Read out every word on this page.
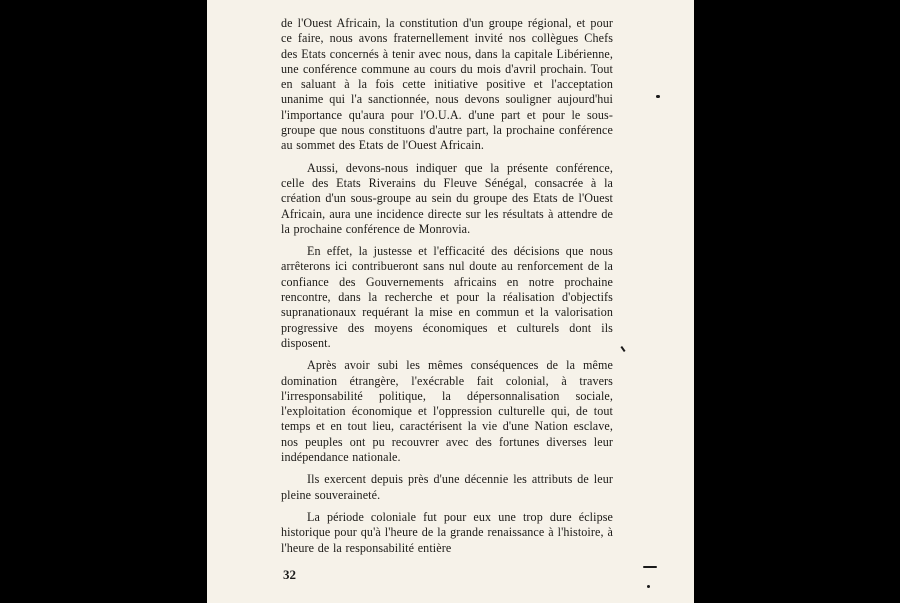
de l'Ouest Africain, la constitution d'un groupe régional, et pour ce faire, nous avons fraternellement invité nos collègues Chefs des Etats concernés à tenir avec nous, dans la capitale Libérienne, une conférence commune au cours du mois d'avril prochain. Tout en saluant à la fois cette initiative positive et l'acceptation unanime qui l'a sanctionnée, nous devons souligner aujourd'hui l'importance qu'aura pour l'O.U.A. d'une part et pour le sous-groupe que nous constituons d'autre part, la prochaine conférence au sommet des Etats de l'Ouest Africain.

Aussi, devons-nous indiquer que la présente conférence, celle des Etats Riverains du Fleuve Sénégal, consacrée à la création d'un sous-groupe au sein du groupe des Etats de l'Ouest Africain, aura une incidence directe sur les résultats à attendre de la prochaine conférence de Monrovia.

En effet, la justesse et l'efficacité des décisions que nous arrêterons ici contribueront sans nul doute au renforcement de la confiance des Gouvernements africains en notre prochaine rencontre, dans la recherche et pour la réalisation d'objectifs supranationaux requérant la mise en commun et la valorisation progressive des moyens économiques et culturels dont ils disposent.

Après avoir subi les mêmes conséquences de la même domination étrangère, l'exécrable fait colonial, à travers l'irresponsabilité politique, la dépersonnalisation sociale, l'exploitation économique et l'oppression culturelle qui, de tout temps et en tout lieu, caractérisent la vie d'une Nation esclave, nos peuples ont pu recouvrer avec des fortunes diverses leur indépendance nationale.

Ils exercent depuis près d'une décennie les attributs de leur pleine souveraineté.

La période coloniale fut pour eux une trop dure éclipse historique pour qu'à l'heure de la grande renaissance à l'histoire, à l'heure de la responsabilité entière

32
